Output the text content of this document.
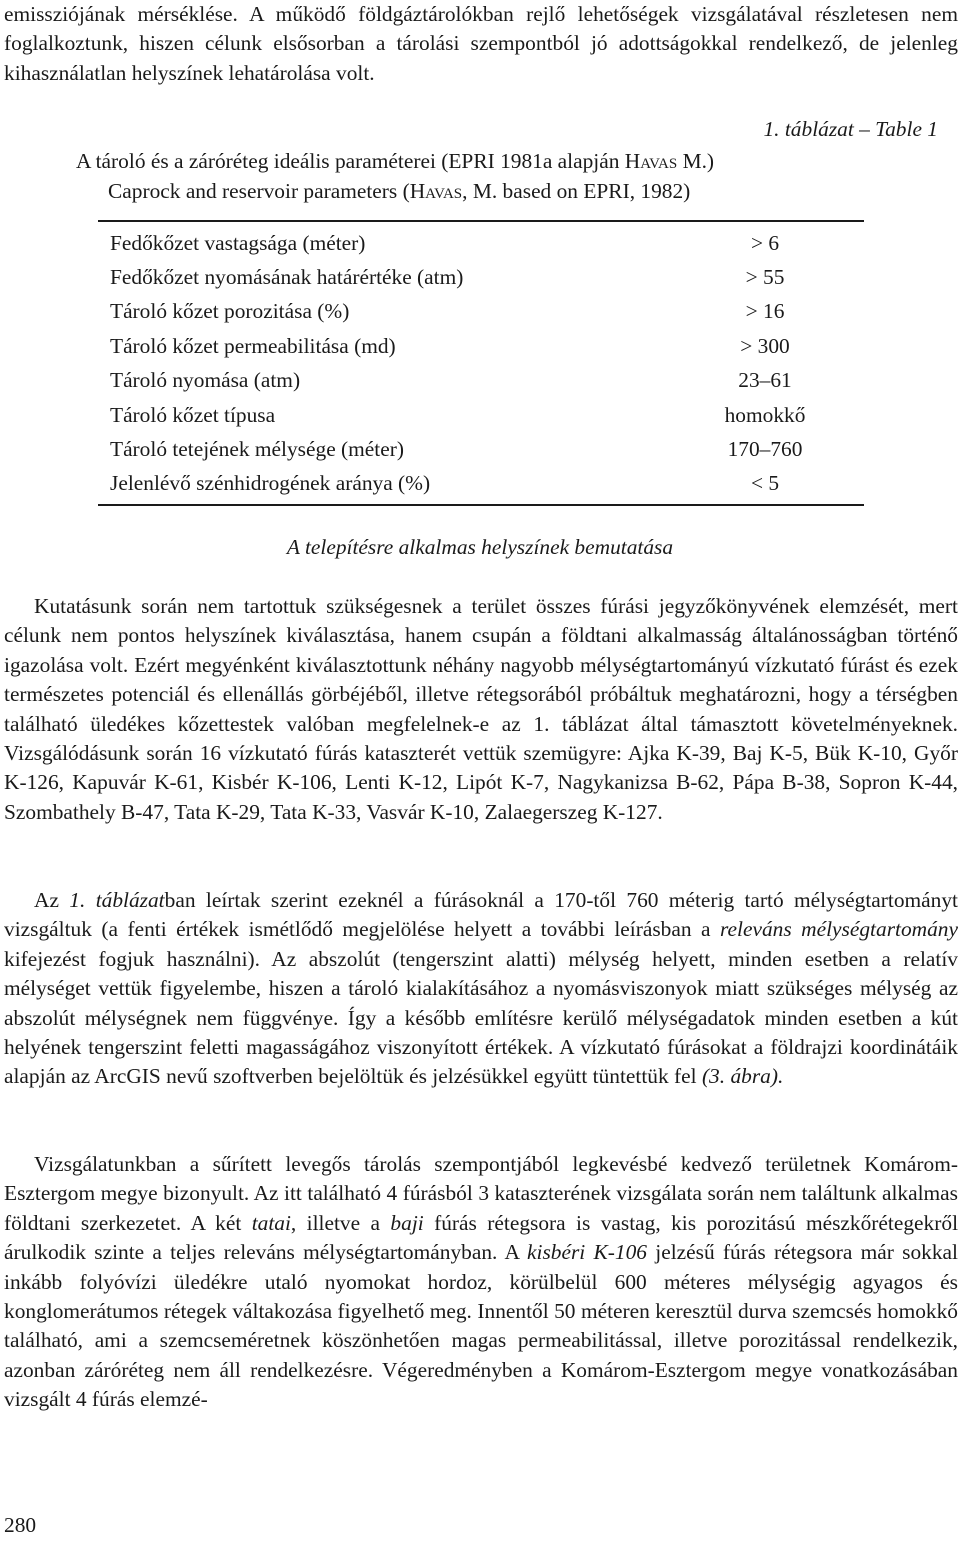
emissziójának mérséklése. A működő földgáztárolókban rejlő lehetőségek vizsgálatával részletesen nem foglalkoztunk, hiszen célunk elsősorban a tárolási szempontból jó adottságokkal rendelkező, de jelenleg kihasználatlan helyszínek lehatárolása volt.

1. táblázat – Table 1

A tároló és a záróréteg ideális paraméterei (EPRI 1981a alapján Havas M.)
Caprock and reservoir parameters (Havas, M. based on EPRI, 1982)
Fedőkőzet vastagsága (méter)	> 6
Fedőkőzet nyomásának határértéke (atm)	> 55
Tároló kőzet porozitása (%)	> 16
Tároló kőzet permeabilitása (md)	> 300
Tároló nyomása (atm)	23–61
Tároló kőzet típusa	homokkő
Tároló tetejének mélysége (méter)	170–760
Jelenlévő szénhidrogének aránya (%)	< 5

A telepítésre alkalmas helyszínek bemutatása

Kutatásunk során nem tartottuk szükségesnek a terület összes fúrási jegyzőkönyvének elemzését, mert célunk nem pontos helyszínek kiválasztása, hanem csupán a földtani alkalmasság általánosságban történő igazolása volt. Ezért megyénként kiválasztottunk néhány nagyobb mélységtartományú vízkutató fúrást és ezek természetes potenciál és ellenállás görbéjéből, illetve rétegsorából próbáltuk meghatározni, hogy a térségben található üledékes kőzettestek valóban megfelelnek-e az 1. táblázat által támasztott követelményeknek. Vizsgálódásunk során 16 vízkutató fúrás kataszterét vettük szemügyre: Ajka K-39, Baj K-5, Bük K-10, Győr K-126, Kapuvár K-61, Kisbér K-106, Lenti K-12, Lipót K-7, Nagykanizsa B-62, Pápa B-38, Sopron K-44, Szombathely B-47, Tata K-29, Tata K-33, Vasvár K-10, Zalaegerszeg K-127.

Az 1. táblázatban leírtak szerint ezeknél a fúrásoknál a 170-től 760 méterig tartó mélységtartományt vizsgáltuk (a fenti értékek ismétlődő megjelölése helyett a további leírásban a releváns mélységtartomány kifejezést fogjuk használni). Az abszolút (tengerszint alatti) mélység helyett, minden esetben a relatív mélységet vettük figyelembe, hiszen a tároló kialakításához a nyomásviszonyok miatt szükséges mélység az abszolút mélységnek nem függvénye. Így a később említésre kerülő mélységadatok minden esetben a kút helyének tengerszint feletti magasságához viszonyított értékek. A vízkutató fúrásokat a földrajzi koordinátáik alapján az ArcGIS nevű szoftverben bejelöltük és jelzésükkel együtt tüntettük fel (3. ábra).

Vizsgálatunkban a sűrített levegős tárolás szempontjából legkevésbé kedvező területnek Komárom-Esztergom megye bizonyult. Az itt található 4 fúrásból 3 kataszterének vizsgálata során nem találtunk alkalmas földtani szerkezetet. A két tatai, illetve a baji fúrás rétegsora is vastag, kis porozitású mészkőrétegekről árulkodik szinte a teljes releváns mélységtartományban. A kisbéri K-106 jelzésű fúrás rétegsora már sokkal inkább folyóvízi üledékre utaló nyomokat hordoz, körülbelül 600 méteres mélységig agyagos és konglomerátumos rétegek váltakozása figyelhető meg. Innentől 50 méteren keresztül durva szemcsés homokkő található, ami a szemcseméretnek köszönhetően magas permeabilitással, illetve porozitással rendelkezik, azonban záróréteg nem áll rendelkezésre. Végeredményben a Komárom-Esztergom megye vonatkozásában vizsgált 4 fúrás elemzé-

280
